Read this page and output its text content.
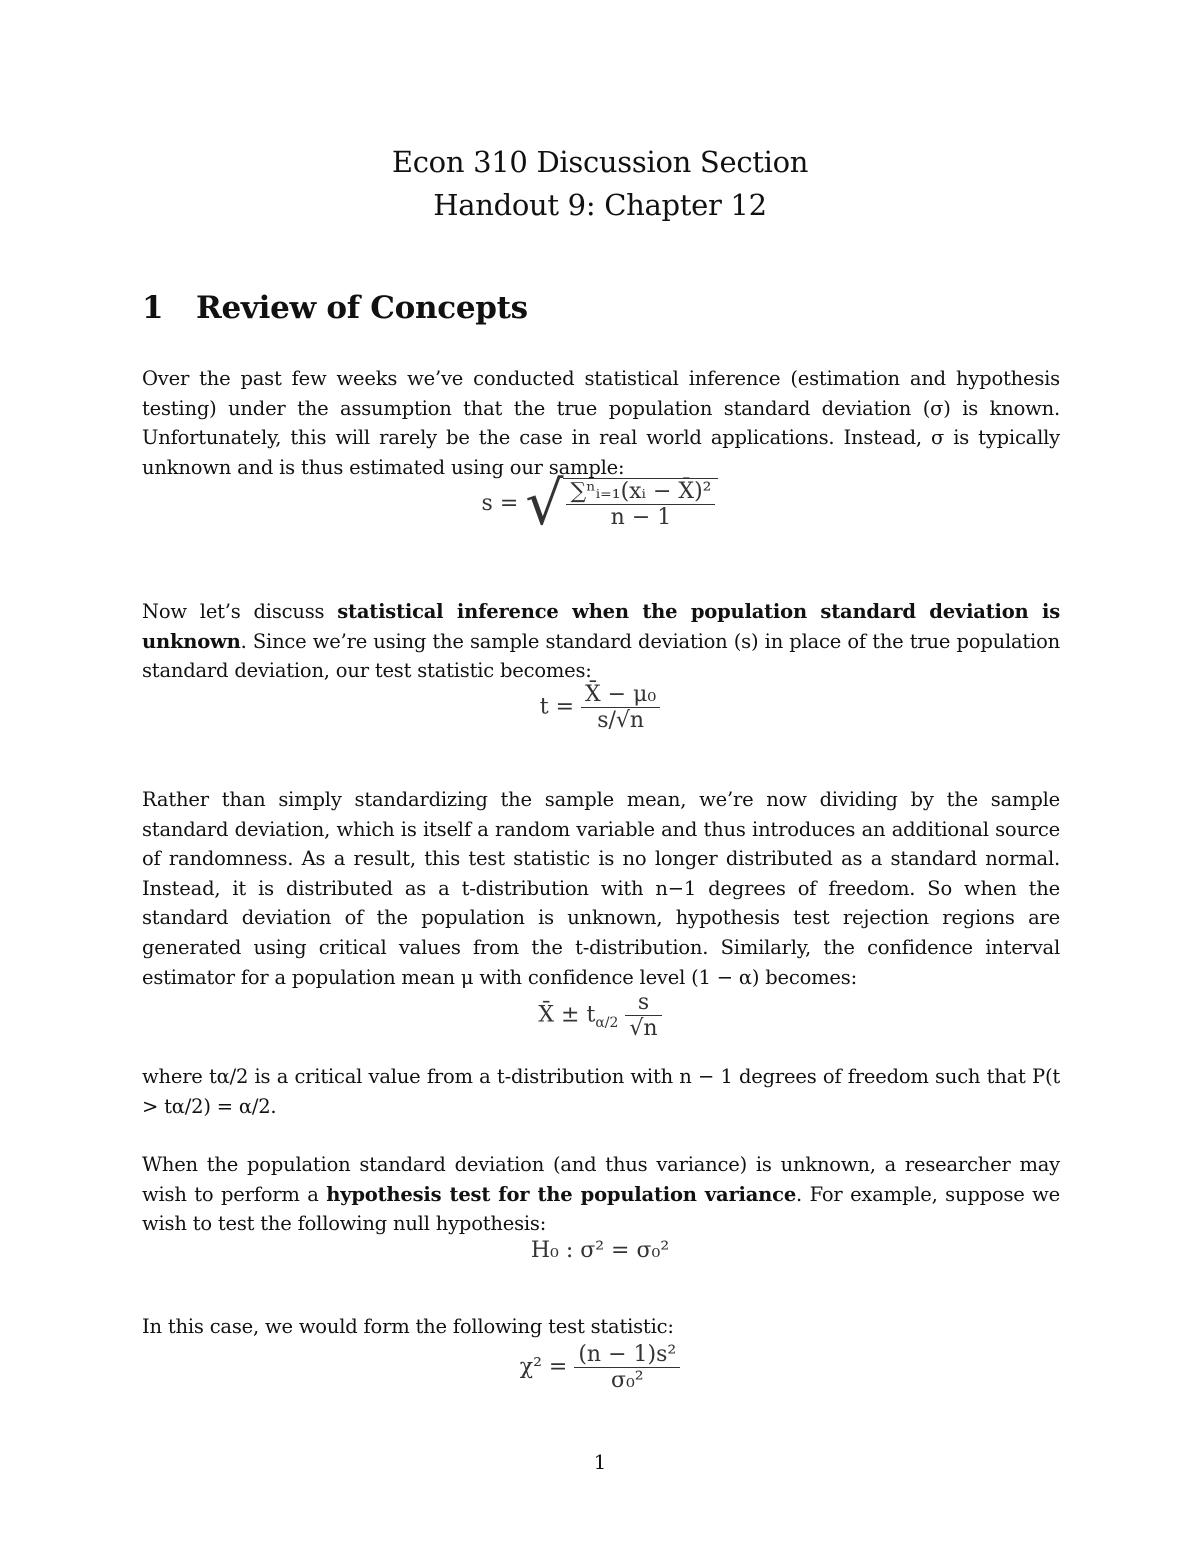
Econ 310 Discussion Section
Handout 9: Chapter 12
1 Review of Concepts
Over the past few weeks we’ve conducted statistical inference (estimation and hypothesis testing) under the assumption that the true population standard deviation (σ) is known. Unfortunately, this will rarely be the case in real world applications. Instead, σ is typically unknown and is thus estimated using our sample:
s = √ $\frac{\text{∑ⁿᵢ₌₁(xᵢ − X̄)²}}{n - 1}$
Now let’s discuss statistical inference when the population standard deviation is unknown. Since we’re using the sample standard deviation (s) in place of the true population standard deviation, our test statistic becomes:
$t = \frac{\text{X̄ − μ₀}}{s/√n}$
Rather than simply standardizing the sample mean, we’re now dividing by the sample standard deviation, which is itself a random variable and thus introduces an additional source of randomness. As a result, this test statistic is no longer distributed as a standard normal. Instead, it is distributed as a t-distribution with n−1 degrees of freedom. So when the standard deviation of the population is unknown, hypothesis test rejection regions are generated using critical values from the t-distribution. Similarly, the confidence interval estimator for a population mean μ with confidence level (1 − α) becomes:
X̄ ± $t_{\alpha/2} \frac{s}{√n}$
where tα/2 is a critical value from a t-distribution with n − 1 degrees of freedom such that P(t > tα/2) = α/2.
When the population standard deviation (and thus variance) is unknown, a researcher may wish to perform a hypothesis test for the population variance. For example, suppose we wish to test the following null hypothesis:
H₀ : σ² = σ₀²
In this case, we would form the following test statistic:
$\chi^2 = \frac{\text{(n − 1)s²}}{\text{σ₀²}}$
1
